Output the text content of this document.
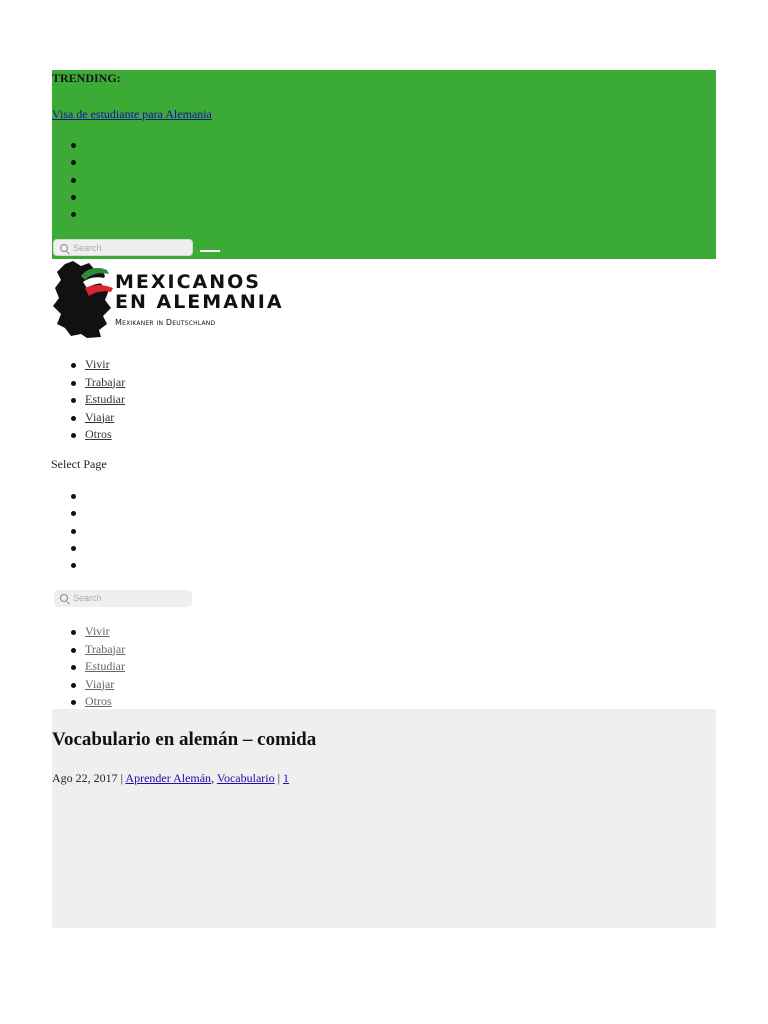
TRENDING:
Visa de estudiante para Alemania
Search
MEXICANOS
EN ALEMANIA
Mexikaner in Deutschland
Vivir
Trabajar
Estudiar
Viajar
Otros
Select Page
Search
Vivir
Trabajar
Estudiar
Viajar
Otros
Vocabulario en alemán – comida
Ago 22, 2017 | Aprender Alemán, Vocabulario | 1
